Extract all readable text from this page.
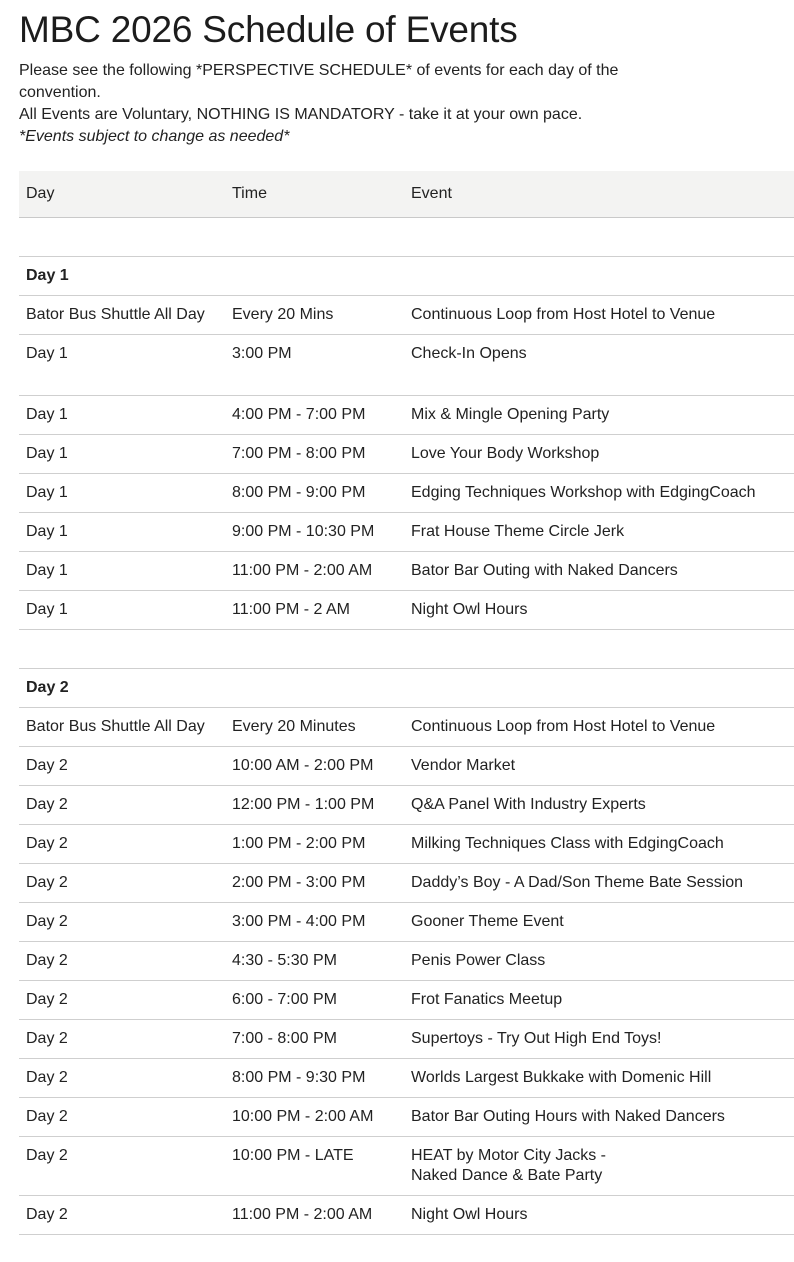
MBC 2026 Schedule of Events

Please see the following *PERSPECTIVE SCHEDULE* of events for each day of the convention.

All Events are Voluntary, NOTHING IS MANDATORY - take it at your own pace.

*Events subject to change as needed*

Day	Time	Event

Day 1		
Bator Bus Shuttle All Day	Every 20 Mins	Continuous Loop from Host Hotel to Venue
Day 1	3:00 PM	Check-In Opens
Day 1	4:00 PM - 7:00 PM	Mix & Mingle Opening Party
Day 1	7:00 PM - 8:00 PM	Love Your Body Workshop
Day 1	8:00 PM - 9:00 PM	Edging Techniques Workshop with EdgingCoach
Day 1	9:00 PM - 10:30 PM	Frat House Theme Circle Jerk
Day 1	11:00 PM - 2:00 AM	Bator Bar Outing with Naked Dancers
Day 1	11:00 PM - 2 AM	Night Owl Hours

Day 2		
Bator Bus Shuttle All Day	Every 20 Minutes	Continuous Loop from Host Hotel to Venue
Day 2	10:00 AM - 2:00 PM	Vendor Market
Day 2	12:00 PM - 1:00 PM	Q&A Panel With Industry Experts
Day 2	1:00 PM - 2:00 PM	Milking Techniques Class with EdgingCoach
Day 2	2:00 PM - 3:00 PM	Daddy’s Boy - A Dad/Son Theme Bate Session
Day 2	3:00 PM - 4:00 PM	Gooner Theme Event
Day 2	4:30 - 5:30 PM	Penis Power Class
Day 2	6:00 - 7:00 PM	Frot Fanatics Meetup
Day 2	7:00 - 8:00 PM	Supertoys - Try Out High End Toys!
Day 2	8:00 PM - 9:30 PM	Worlds Largest Bukkake with Domenic Hill
Day 2	10:00 PM - 2:00 AM	Bator Bar Outing Hours with Naked Dancers
Day 2	10:00 PM - LATE	HEAT by Motor City Jacks -
Naked Dance & Bate Party

Day 2	11:00 PM - 2:00 AM	Night Owl Hours
